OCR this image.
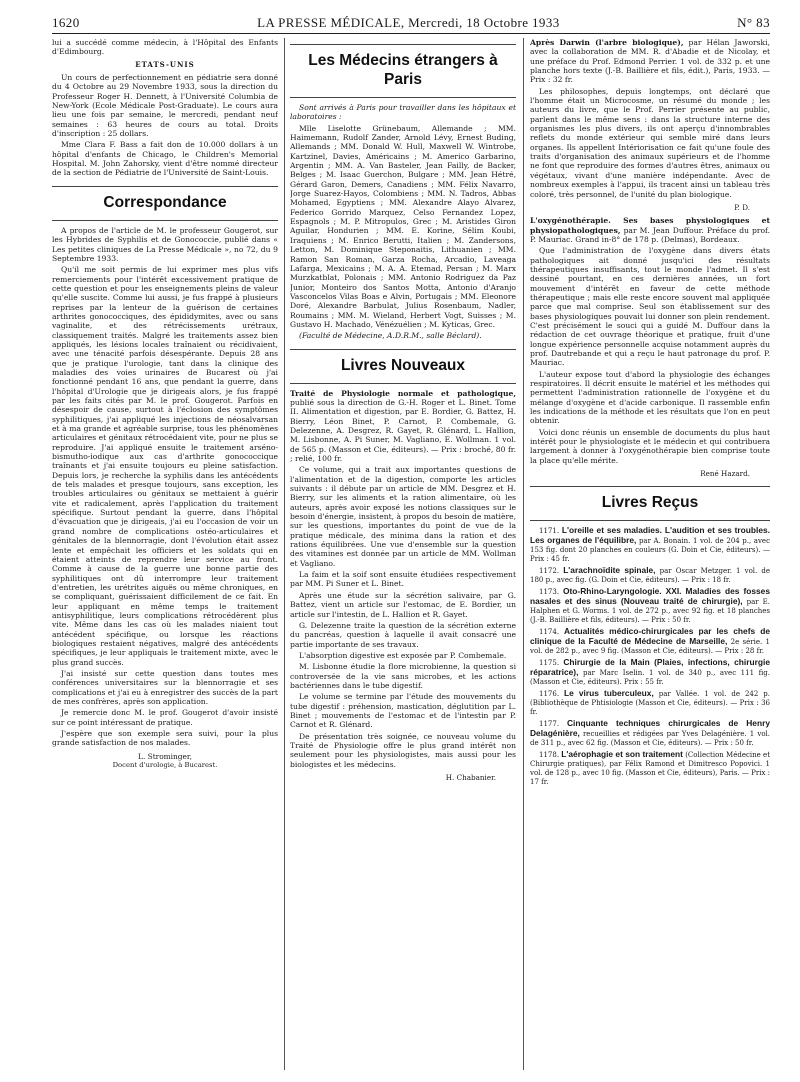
1620	LA PRESSE MÉDICALE, Mercredi, 18 Octobre 1933	N° 83

lui a succédé comme médecin, à l'Hôpital des Enfants d'Edimbourg.

ETATS-UNIS

Un cours de perfectionnement en pédiatrie sera donné du 4 Octobre au 29 Novembre 1933, sous la direction du Professeur Roger H. Dennett, à l'Université Columbia de New-York (Ecole Médicale Post-Graduate). Le cours aura lieu une fois par semaine, le mercredi, pendant neuf semaines : 63 heures de cours au total. Droits d'inscription : 25 dollars.

Mme Clara F. Bass a fait don de 10.000 dollars à un hôpital d'enfants de Chicago, le Children's Memorial Hospital. M. John Zahorsky, vient d'être nommé directeur de la section de Pédiatrie de l'Université de Saint-Louis.

Correspondance

A propos de l'article de M. le professeur Gougerot, sur les Hybrides de Syphilis et de Gonococcie, publié dans « Les petites cliniques de La Presse Médicale », no 72, du 9 Septembre 1933.

Qu'il me soit permis de lui exprimer mes plus vifs remerciements pour l'intérêt excessivement pratique de cette question et pour les enseignements pleins de valeur qu'elle suscite. Comme lui aussi, je fus frappé à plusieurs reprises par la lenteur de la guérison de certaines arthrites gonococciques, des épididymites, avec ou sans vaginalite, et des rétrécissements urétraux, classiquement traités. Malgré les traitements assez bien appliqués, les lésions locales traînaient ou récidivaient, avec une ténacité parfois désespérante. Depuis 28 ans que je pratique l'urologie, tant dans la clinique des maladies des voies urinaires de Bucarest où j'ai fonctionné pendant 16 ans, que pendant la guerre, dans l'hôpital d'Urologie que je dirigeais alors, je fus frappé par les faits cités par M. le prof. Gougerot. Parfois en désespoir de cause, surtout à l'éclosion des symptômes syphilitiques, j'ai appliqué les injections de néosalvarsan et à ma grande et agréable surprise, tous les phénomènes articulaires et génitaux rétrocédaient vite, pour ne plus se reproduire. J'ai appliqué ensuite le traitement arséno-bismutho-iodique aux cas d'arthrite gonococcique traînants et j'ai ensuite toujours eu pleine satisfaction. Depuis lors, je recherche la syphilis dans les antécédents de tels malades et presque toujours, sans exception, les troubles articulaires ou génitaux se mettaient à guérir vite et radicalement, après l'application du traitement spécifique. Surtout pendant la guerre, dans l'hôpital d'évacuation que je dirigeais, j'ai eu l'occasion de voir un grand nombre de complications ostéo-articulaires et génitales de la blennorragie, dont l'évolution était assez lente et empêchait les officiers et les soldats qui en étaient atteints de reprendre leur service au front. Comme à cause de la guerre une bonne partie des syphilitiques ont dû interrompre leur traitement d'entretien, les urétrites aiguës ou même chroniques, en se compliquant, guérissaient difficilement de ce fait. En leur appliquant en même temps le traitement antisyphilitique, leurs complications rétrocédèrent plus vite. Même dans les cas où les malades niaient tout antécédent spécifique, ou lorsque les réactions biologiques restaient négatives, malgré des antécédents spécifiques, je leur appliquais le traitement mixte, avec le plus grand succès.

J'ai insisté sur cette question dans toutes mes conférences universitaires sur la blennorragie et ses complications et j'ai eu à enregistrer des succès de la part de mes confrères, après son application.

Je remercie donc M. le prof. Gougerot d'avoir insisté sur ce point intéressant de pratique.

J'espère que son exemple sera suivi, pour la plus grande satisfaction de nos malades.

L. Strominger,
Docent d'urologie, à Bucarest.
Les Médecins étrangers à Paris

Sont arrivés à Paris pour travailler dans les hôpitaux et laboratoires :

Mlle Liselotte Grünebaum, Allemande ; MM. Haimemann, Rudolf Zander, Arnold Lévy, Ernest Buding, Allemands ; MM. Donald W. Hull, Maxwell W. Wintrobe, Kartzinel, Davies, Américains ; M. Americo Garbarino, Argentin ; MM. A. Van Basteler, Jean Failly, de Backer, Belges ; M. Isaac Guerchon, Bulgare ; MM. Jean Hétré, Gérard Garon, Demers, Canadiens ; MM. Félix Navarro, Jorge Suarez-Hayos, Colombiens ; MM. N. Tadros, Abbas Mohamed, Egyptiens ; MM. Alexandre Alayo Alvarez, Federico Gorrido Marquez, Celso Fernandez Lopez, Espagnols ; M. P. Mitropulos, Grec ; M. Aristides Giron Aguilar, Hondurien ; MM. E. Korine, Sélim Koubi, Iraquiens ; M. Enrico Berutti, Italien ; M. Zandersons, Letton, M. Dominique Steponaitis, Lithuanien ; MM. Ramon San Roman, Garza Rocha, Arcadio, Laveaga Lafarga, Mexicains ; M. A. A. Etemad, Persan ; M. Marx Murzkatblat, Polonais ; MM. Antonio Rodriguez da Paz Junior, Monteiro dos Santos Motta, Antonio d'Aranjo Vasconcelos Vilas Boas e Alvin, Portugais ; MM. Eleonore Doré, Alexandre Barbulat, Julius Rosenbaum, Nadler, Roumains ; MM. M. Wieland, Herbert Vogt, Suisses ; M. Gustavo H. Machado, Vénézuélien ; M. Kyticas, Grec.

(Faculté de Médecine, A.D.R.M., salle Béclard).

Livres Nouveaux

Traité de Physiologie normale et pathologique, publié sous la direction de G.-H. Roger et L. Binet. Tome II. Alimentation et digestion, par E. Bordier, G. Battez, H. Bierry, Léon Binet, P. Carnot, P. Combemale, G. Delezenne, A. Desgrez, R. Gayet, R. Glénard, L. Hallion, M. Lisbonne, A. Pi Suner, M. Vagliano, E. Wollman. 1 vol. de 565 p. (Masson et Cie, éditeurs). — Prix : broché, 80 fr. ; relié, 100 fr.

Ce volume, qui a trait aux importantes questions de l'alimentation et de la digestion, comporte les articles suivants : il débute par un article de MM. Desgrez et H. Bierry, sur les aliments et la ration alimentaire, où les auteurs, après avoir exposé les notions classiques sur le besoin d'énergie, insistent, à propos du besoin de matière, sur les questions, importantes du point de vue de la pratique médicale, des minima dans la ration et des rations équilibrées. Une vue d'ensemble sur la question des vitamines est donnée par un article de MM. Wollman et Vagliano.

La faim et la soif sont ensuite étudiées respectivement par MM. Pi Suner et L. Binet.

Après une étude sur la sécrétion salivaire, par G. Battez, vient un article sur l'estomac, de E. Bordier, un article sur l'intestin, de L. Hallion et R. Gayet.

G. Delezenne traite la question de la sécrétion externe du pancréas, question à laquelle il avait consacré une partie importante de ses travaux.

L'absorption digestive est exposée par P. Combemale.

M. Lisbonne étudie la flore microbienne, la question si controversée de la vie sans microbes, et les actions bactériennes dans le tube digestif.

Le volume se termine par l'étude des mouvements du tube digestif : préhension, mastication, déglutition par L. Binet ; mouvements de l'estomac et de l'intestin par P. Carnot et R. Glénard.

De présentation très soignée, ce nouveau volume du Traité de Physiologie offre le plus grand intérêt non seulement pour les physiologistes, mais aussi pour les biologistes et les médecins.

H. Chabanier.

Après Darwin (l'arbre biologique), par Hélan Jaworski, avec la collaboration de MM. R. d'Abadie et de Nicolay, et une préface du Prof. Edmond Perrier. 1 vol. de 332 p. et une planche hors texte (J.-B. Baillière et fils, édit.), Paris, 1933. — Prix : 32 fr.

Les philosophes, depuis longtemps, ont déclaré que l'homme était un Microcosme, un résumé du monde ; les auteurs du livre, que le Prof. Perrier présente au public, parlent dans le même sens : dans la structure interne des organismes les plus divers, ils ont aperçu d'innombrables reflets du monde extérieur qui semble miré dans leurs organes. Ils appellent Intériorisation ce fait qu'une foule des traits d'organisation des animaux supérieurs et de l'homme ne font que reproduire des formes d'autres êtres, animaux ou végétaux, vivant d'une manière indépendante. Avec de nombreux exemples à l'appui, ils tracent ainsi un tableau très coloré, très personnel, de l'unité du plan biologique.

P. D.

L'oxygénothérapie. Ses bases physiologiques et physiopathologiques, par M. Jean Duffour. Préface du prof. P. Mauriac. Grand in-8° de 178 p. (Delmas), Bordeaux.

Que l'administration de l'oxygène dans divers états pathologiques ait donné jusqu'ici des résultats thérapeutiques insuffisants, tout le monde l'admet. Il s'est dessiné pourtant, en ces dernières années, un fort mouvement d'intérêt en faveur de cette méthode thérapeutique ; mais elle reste encore souvent mal appliquée parce que mal comprise. Seul son établissement sur des bases physiologiques pouvait lui donner son plein rendement. C'est précisément le souci qui a guidé M. Duffour dans la rédaction de cet ouvrage théorique et pratique, fruit d'une longue expérience personnelle acquise notamment auprès du prof. Dautrebande et qui a reçu le haut patronage du prof. P. Mauriac.

L'auteur expose tout d'abord la physiologie des échanges respiratoires. Il décrit ensuite le matériel et les méthodes qui permettent l'administration rationnelle de l'oxygène et du mélange d'oxygène et d'acide carbonique. Il rassemble enfin les indications de la méthode et les résultats que l'on en peut obtenir.

Voici donc réunis un ensemble de documents du plus haut intérêt pour le physiologiste et le médecin et qui contribuera largement à donner à l'oxygénothérapie bien comprise toute la place qu'elle mérite.

René Hazard.
Livres Reçus

1171. L'oreille et ses maladies. L'audition et ses troubles. Les organes de l'équilibre, par A. Bonain. 1 vol. de 204 p., avec 153 fig. dont 20 planches en couleurs (G. Doin et Cie, éditeurs). — Prix : 45 fr.

1172. L'arachnoïdite spinale, par Oscar Metzger. 1 vol. de 180 p., avec fig. (G. Doin et Cie, éditeurs). — Prix : 18 fr.

1173. Oto-Rhino-Laryngologie. XXI. Maladies des fosses nasales et des sinus (Nouveau traité de chirurgie), par E. Halphen et G. Worms. 1 vol. de 272 p., avec 92 fig. et 18 planches (J.-B. Baillière et fils, éditeurs). — Prix : 50 fr.

1174. Actualités médico-chirurgicales par les chefs de clinique de la Faculté de Médecine de Marseille, 2e série. 1 vol. de 282 p., avec 9 fig. (Masson et Cie, éditeurs). — Prix : 28 fr.

1175. Chirurgie de la Main (Plaies, infections, chirurgie réparatrice), par Marc Iselin. 1 vol. de 340 p., avec 111 fig. (Masson et Cie, éditeurs). Prix : 55 fr.

1176. Le virus tuberculeux, par Vallée. 1 vol. de 242 p. (Bibliothèque de Phtisiologie (Masson et Cie, éditeurs). — Prix : 36 fr.

1177. Cinquante techniques chirurgicales de Henry Delagénière, recueillies et rédigées par Yves Delagénière. 1 vol. de 311 p., avec 62 fig. (Masson et Cie, éditeurs). — Prix : 50 fr.

1178. L'aérophagie et son traitement (Collection Médecine et Chirurgie pratiques), par Félix Ramond et Dimitresco Popovici. 1 vol. de 128 p., avec 10 fig. (Masson et Cie, éditeurs), Paris. — Prix : 17 fr.
